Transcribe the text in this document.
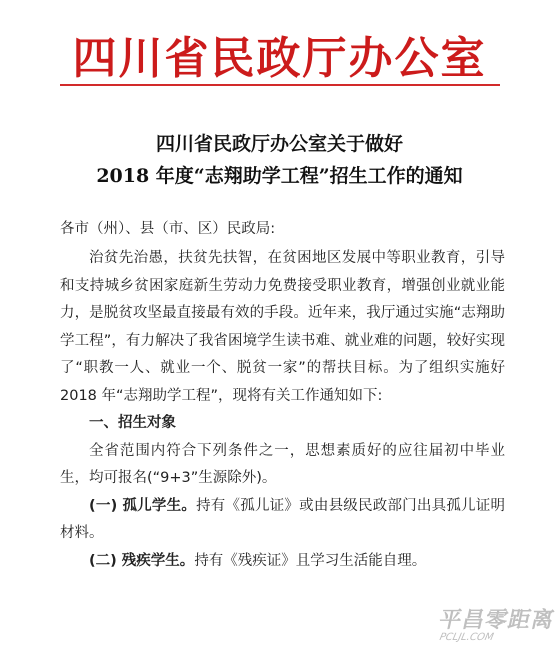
四川省民政厅办公室
四川省民政厅办公室关于做好
2018 年度“志翔助学工程”招生工作的通知
各市（州）、县（市、区）民政局:

治贫先治愚，扶贫先扶智，在贫困地区发展中等职业教育，引导和支持城乡贫困家庭新生劳动力免费接受职业教育，增强创业就业能力，是脱贫攻坚最直接最有效的手段。近年来，我厅通过实施“志翔助学工程”，有力解决了我省困境学生读书难、就业难的问题，较好实现了“职教一人、就业一个、脱贫一家”的帮扶目标。为了组织实施好 2018 年“志翔助学工程”，现将有关工作通知如下:

一、招生对象

全省范围内符合下列条件之一，思想素质好的应往届初中毕业生，均可报名(“9+3”生源除外)。

(一) 孤儿学生。持有《孤儿证》或由县级民政部门出具孤儿证明材料。

(二) 残疾学生。持有《残疾证》且学习生活能自理。

平昌零距离
PCLJL.COM
